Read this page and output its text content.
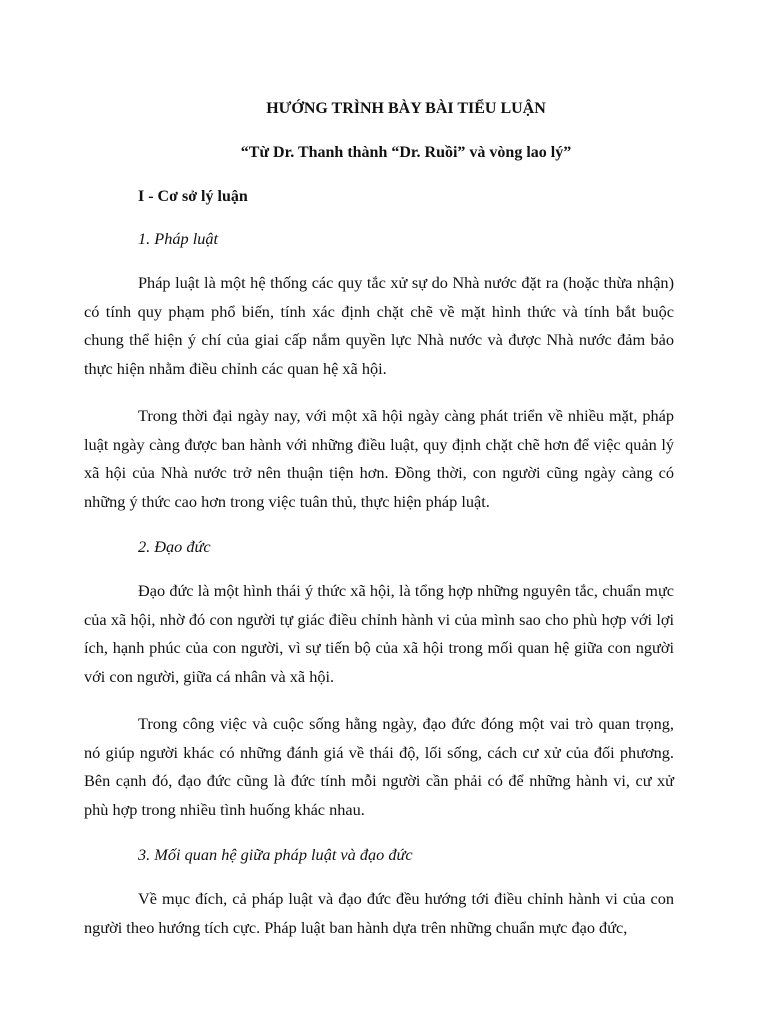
HƯỚNG TRÌNH BÀY BÀI TIỂU LUẬN

“Từ Dr. Thanh thành “Dr. Ruồi” và vòng lao lý”

I - Cơ sở lý luận

1. Pháp luật

Pháp luật là một hệ thống các quy tắc xử sự do Nhà nước đặt ra (hoặc thừa nhận) có tính quy phạm phổ biến, tính xác định chặt chẽ về mặt hình thức và tính bắt buộc chung thể hiện ý chí của giai cấp nắm quyền lực Nhà nước và được Nhà nước đảm bảo thực hiện nhằm điều chỉnh các quan hệ xã hội.

Trong thời đại ngày nay, với một xã hội ngày càng phát triển về nhiều mặt, pháp luật ngày càng được ban hành với những điều luật, quy định chặt chẽ hơn để việc quản lý xã hội của Nhà nước trở nên thuận tiện hơn. Đồng thời, con người cũng ngày càng có những ý thức cao hơn trong việc tuân thủ, thực hiện pháp luật.

2. Đạo đức

Đạo đức là một hình thái ý thức xã hội, là tổng hợp những nguyên tắc, chuẩn mực của xã hội, nhờ đó con người tự giác điều chỉnh hành vi của mình sao cho phù hợp với lợi ích, hạnh phúc của con người, vì sự tiến bộ của xã hội trong mối quan hệ giữa con người với con người, giữa cá nhân và xã hội.

Trong công việc và cuộc sống hằng ngày, đạo đức đóng một vai trò quan trọng, nó giúp người khác có những đánh giá về thái độ, lối sống, cách cư xử của đối phương. Bên cạnh đó, đạo đức cũng là đức tính mỗi người cần phải có để những hành vi, cư xử phù hợp trong nhiều tình huống khác nhau.

3. Mối quan hệ giữa pháp luật và đạo đức

Về mục đích, cả pháp luật và đạo đức đều hướng tới điều chỉnh hành vi của con người theo hướng tích cực. Pháp luật ban hành dựa trên những chuẩn mực đạo đức,
